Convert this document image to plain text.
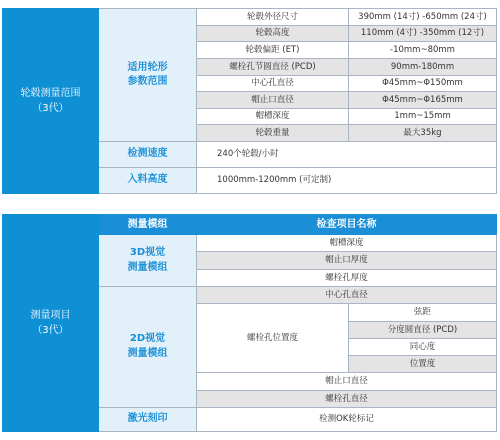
轮毂测量范围
（3代）	适用轮形
参数范围	轮毂外径尺寸	390mm (14寸) -650mm (24寸)
		轮毂高度	110mm (4寸) -350mm (12寸)
		轮毂偏距 (ET)	-10mm~80mm
		螺栓孔节圆直径 (PCD)	90mm-180mm
		中心孔直径	Φ45mm~Φ150mm
		帽止口直径	Φ45mm~Φ165mm
		帽槽深度	1mm~15mm
		轮毂重量	最大35kg
	检测速度	240个轮毂/小时	
	入料高度	1000mm-1200mm (可定制)	
测量项目
（3代）	测量模组	检查项目名称	
	3D视觉
测量模组	帽槽深度	
		帽止口厚度	
		螺栓孔厚度	
	2D视觉
测量模组	中心孔直径	
		螺栓孔位置度	弦距
			分度圆直径 (PCD)
			同心度
			位置度
		帽止口直径	
		螺栓孔直径	
	激光刻印	检测OK轮标记	
